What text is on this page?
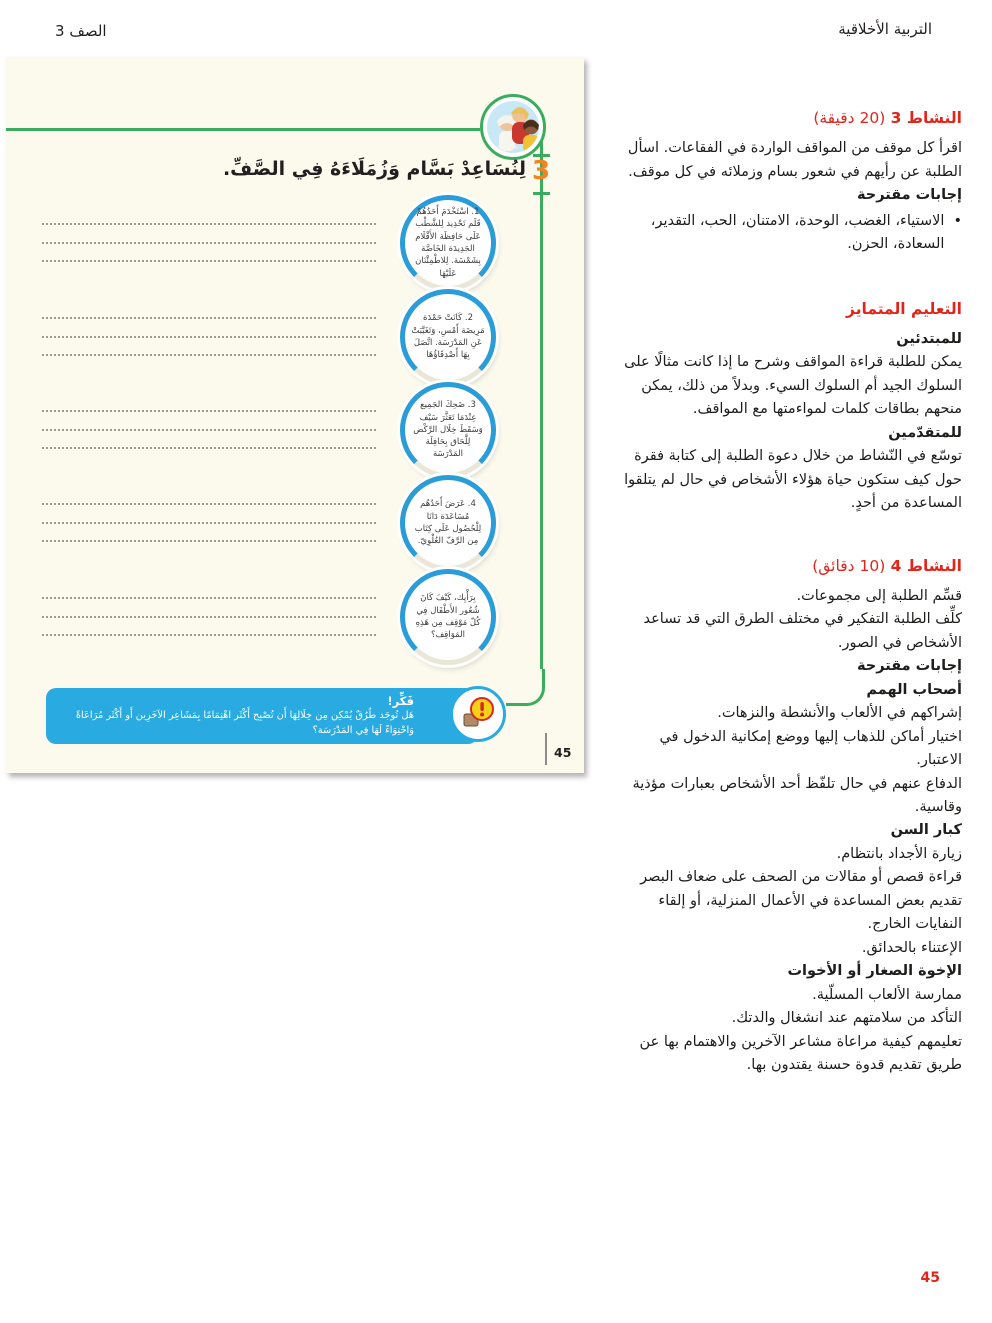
التربية الأخلاقية
الصف 3
3
لِنُسَاعِدْ بَسَّام وَزُمَلَاءَهُ فِي الصَّفِّ.
1. اسْتَخْدَمَ أَحَدُهُمْ قَلَم تَحْدِيد لِلشَّطْب عَلَى حَافِظَة الأَقْلَام الجَدِيدَة الخَاصَّة بِشَمْسَة. لِلاطْمِئْنَان عَلَيْهَا
2. كَانَتْ حَمْدَة مَرِيضَة أَمْسِ، وَتَغَيَّبَتْ عَنِ المَدْرَسَة. اتَّصَلَ بِهَا أَصْدِقَاؤُهَا
3. ضَحِكَ الجَمِيع عِنْدَمَا تَعَثَّرَ سَيْف وَسَقَطَ خِلَال الرَّكْض لِلَّحَاق بِحَافِلَة المَدْرَسَة
4. عَرَضَ أَحَدُهُم مُسَاعَدَة دَانَا لِلْحُصُول عَلَى كِتَاب مِن الرَّفّ العُلْوِيّ.
بِرَأْيِك، كَيْفَ كَانَ شُعُور الأَطْفَال فِي كُلّ مَوْقِف مِن هَذِهِ المَوَاقِف؟

فَكِّر!

هَل تُوجَد طُرُقٌ يُمْكِن مِن خِلَالِهَا أَن تُصْبِح أَكْثَر اهْتِمَامًا بِمَشَاعِر الآخَرِين أَو أَكْثَر مُرَاعَاةً وَاحْتِوَاءً لَهَا فِي المَدْرَسَة؟

45
النشاط 3 (20 دقيقة)

اقرأ كل موقف من المواقف الواردة في الفقاعات. اسأل الطلبة عن رأيهم في شعور بسام وزملائه في كل موقف.

إجابات مقترحة

•

الاستياء، الغضب، الوحدة، الامتنان، الحب، التقدير، السعادة، الحزن.

التعليم المتمايز

للمبتدئين

يمكن للطلبة قراءة المواقف وشرح ما إذا كانت مثالًا على السلوك الجيد أم السلوك السيء. وبدلاً من ذلك، يمكن منحهم بطاقات كلمات لمواءمتها مع المواقف.

للمتقدّمين

توسّع في النّشاط من خلال دعوة الطلبة إلى كتابة فقرة حول كيف ستكون حياة هؤلاء الأشخاص في حال لم يتلقوا المساعدة من أحدٍ.

النشاط 4 (10 دقائق)

قسِّم الطلبة إلى مجموعات.

كلِّف الطلبة التفكير في مختلف الطرق التي قد تساعد الأشخاص في الصور.

إجابات مقترحة

أصحاب الهمم

إشراكهم في الألعاب والأنشطة والنزهات.

اختيار أماكن للذهاب إليها ووضع إمكانية الدخول في الاعتبار.

الدفاع عنهم في حال تلفّظ أحد الأشخاص بعبارات مؤذية وقاسية.

كبار السن

زيارة الأجداد بانتظام.

قراءة قصص أو مقالات من الصحف على ضعاف البصر

تقديم بعض المساعدة في الأعمال المنزلية، أو إلقاء النفايات الخارج.

الإعتناء بالحدائق.

الإخوة الصغار أو الأخوات

ممارسة الألعاب المسلّية.

التأكد من سلامتهم عند انشغال والدتك.

تعليمهم كيفية مراعاة مشاعر الآخرين والاهتمام بها عن طريق تقديم قدوة حسنة يقتدون بها.

45
